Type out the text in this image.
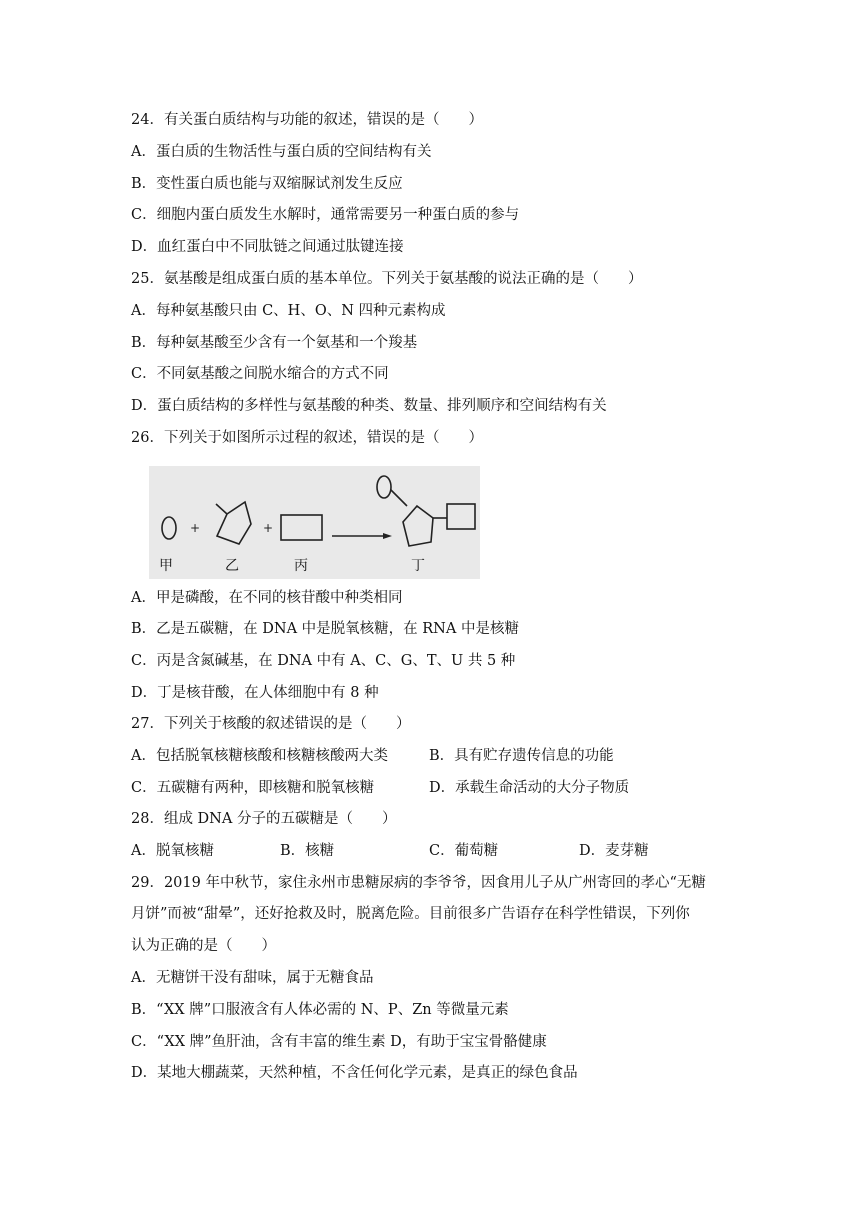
24．有关蛋白质结构与功能的叙述，错误的是（　　）
A．蛋白质的生物活性与蛋白质的空间结构有关
B．变性蛋白质也能与双缩脲试剂发生反应
C．细胞内蛋白质发生水解时，通常需要另一种蛋白质的参与
D．血红蛋白中不同肽链之间通过肽键连接
25．氨基酸是组成蛋白质的基本单位。下列关于氨基酸的说法正确的是（　　）
A．每种氨基酸只由 C、H、O、N 四种元素构成
B．每种氨基酸至少含有一个氨基和一个羧基
C．不同氨基酸之间脱水缩合的方式不同
D．蛋白质结构的多样性与氨基酸的种类、数量、排列顺序和空间结构有关
26．下列关于如图所示过程的叙述，错误的是（　　）
+	+
甲	乙	丙	丁
A．甲是磷酸，在不同的核苷酸中种类相同
B．乙是五碳糖，在 DNA 中是脱氧核糖，在 RNA 中是核糖
C．丙是含氮碱基，在 DNA 中有 A、C、G、T、U 共 5 种
D．丁是核苷酸，在人体细胞中有 8 种
27．下列关于核酸的叙述错误的是（　　）
A．包括脱氧核糖核酸和核糖核酸两大类	B．具有贮存遗传信息的功能
C．五碳糖有两种，即核糖和脱氧核糖	D．承载生命活动的大分子物质
28．组成 DNA 分子的五碳糖是（　　）
A．脱氧核糖	B．核糖	C．葡萄糖	D．麦芽糖
29．2019 年中秋节，家住永州市患糖尿病的李爷爷，因食用儿子从广州寄回的孝心“无糖
月饼”而被“甜晕”，还好抢救及时，脱离危险。目前很多广告语存在科学性错误，下列你
认为正确的是（　　）
A．无糖饼干没有甜味，属于无糖食品
B．“XX 牌”口服液含有人体必需的 N、P、Zn 等微量元素
C．“XX 牌”鱼肝油，含有丰富的维生素 D，有助于宝宝骨骼健康
D．某地大棚蔬菜，天然种植，不含任何化学元素，是真正的绿色食品
